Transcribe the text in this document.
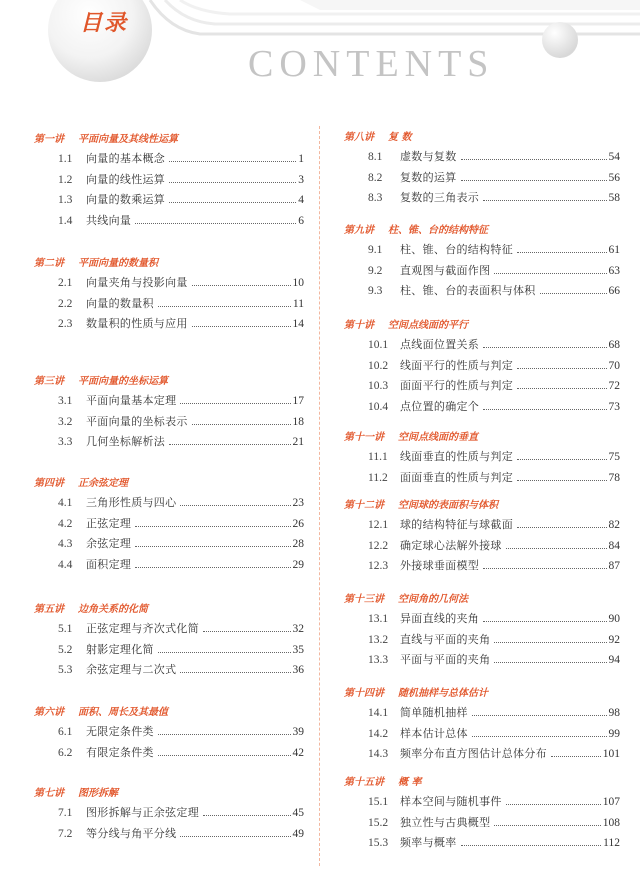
目录
CONTENTS
第一讲 平面向量及其线性运算
1.1	向量的基本概念	1
1.2	向量的线性运算	3
1.3	向量的数乘运算	4
1.4	共线向量	6
第二讲 平面向量的数量积
2.1	向量夹角与投影向量	10
2.2	向量的数量积	11
2.3	数量积的性质与应用	14
第三讲 平面向量的坐标运算
3.1	平面向量基本定理	17
3.2	平面向量的坐标表示	18
3.3	几何坐标解析法	21
第四讲 正余弦定理
4.1	三角形性质与四心	23
4.2	正弦定理	26
4.3	余弦定理	28
4.4	面积定理	29
第五讲 边角关系的化简
5.1	正弦定理与齐次式化简	32
5.2	射影定理化简	35
5.3	余弦定理与二次式	36
第六讲 面积、周长及其最值
6.1	无限定条件类	39
6.2	有限定条件类	42
第七讲 图形拆解
7.1	图形拆解与正余弦定理	45
7.2	等分线与角平分线	49
第八讲 复 数
8.1	虚数与复数	54
8.2	复数的运算	56
8.3	复数的三角表示	58
第九讲 柱、锥、台的结构特征
9.1	柱、锥、台的结构特征	61
9.2	直观图与截面作图	63
9.3	柱、锥、台的表面积与体积	66
第十讲 空间点线面的平行
10.1	点线面位置关系	68
10.2	线面平行的性质与判定	70
10.3	面面平行的性质与判定	72
10.4	点位置的确定个	73
第十一讲 空间点线面的垂直
11.1	线面垂直的性质与判定	75
11.2	面面垂直的性质与判定	78
第十二讲 空间球的表面积与体积
12.1	球的结构特征与球截面	82
12.2	确定球心法解外接球	84
12.3	外接球垂面模型	87
第十三讲 空间角的几何法
13.1	异面直线的夹角	90
13.2	直线与平面的夹角	92
13.3	平面与平面的夹角	94
第十四讲 随机抽样与总体估计
14.1	简单随机抽样	98
14.2	样本估计总体	99
14.3	频率分布直方图估计总体分布	101
第十五讲 概 率
15.1	样本空间与随机事件	107
15.2	独立性与古典概型	108
15.3	频率与概率	112
